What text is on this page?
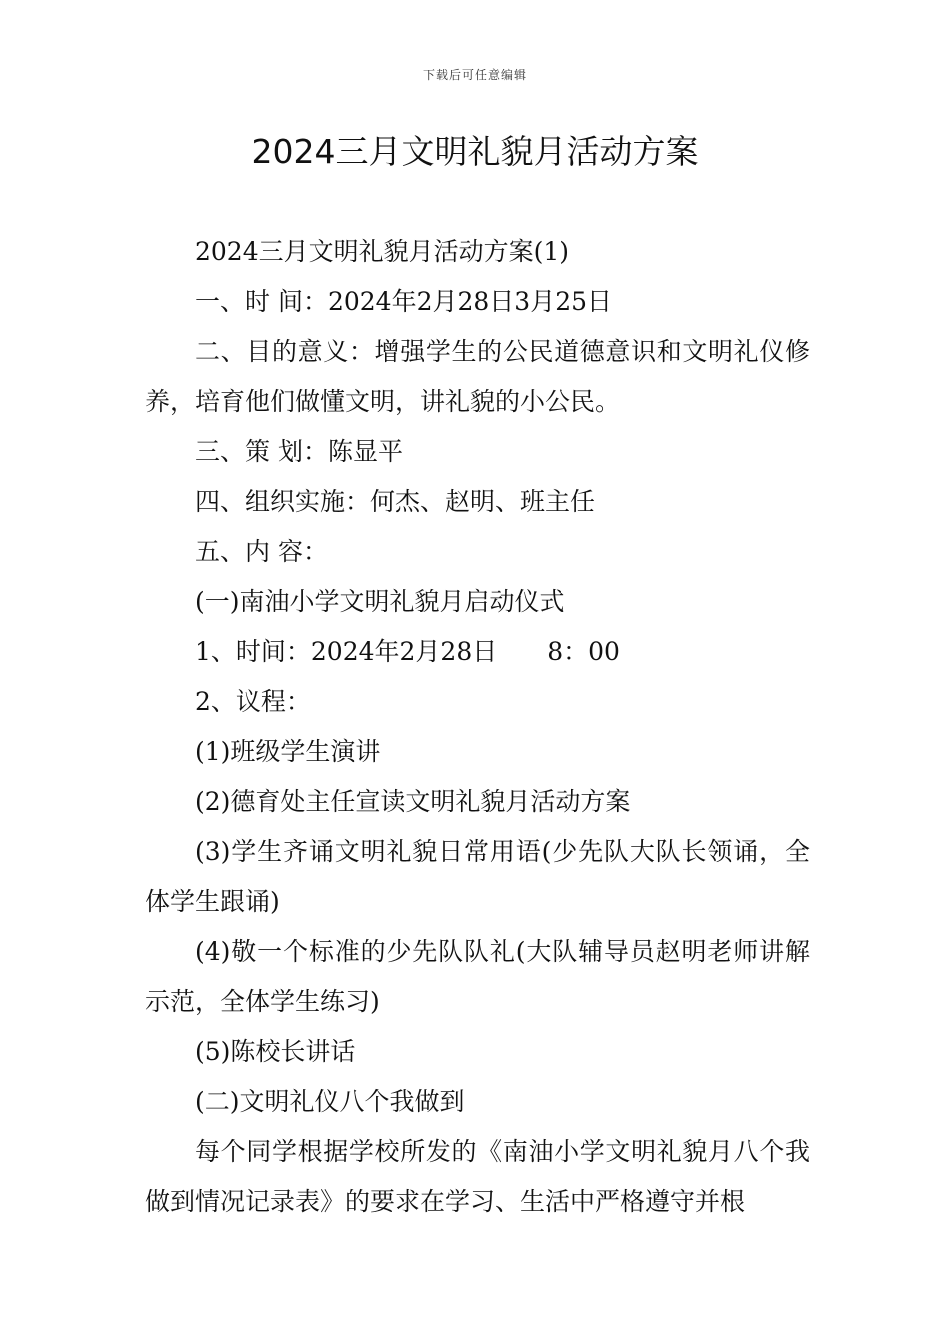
下载后可任意编辑
2024三月文明礼貌月活动方案

2024三月文明礼貌月活动方案(1)

一、时 间：2024年2月28日3月25日

二、目的意义：增强学生的公民道德意识和文明礼仪修养，培育他们做懂文明，讲礼貌的小公民。

三、策 划：陈显平

四、组织实施：何杰、赵明、班主任

五、内 容：

(一)南油小学文明礼貌月启动仪式

1、时间：2024年2月28日　　8：00

2、议程：

(1)班级学生演讲

(2)德育处主任宣读文明礼貌月活动方案

(3)学生齐诵文明礼貌日常用语(少先队大队长领诵，全体学生跟诵)

(4)敬一个标准的少先队队礼(大队辅导员赵明老师讲解示范，全体学生练习)

(5)陈校长讲话

(二)文明礼仪八个我做到

每个同学根据学校所发的《南油小学文明礼貌月八个我做到情况记录表》的要求在学习、生活中严格遵守并根
